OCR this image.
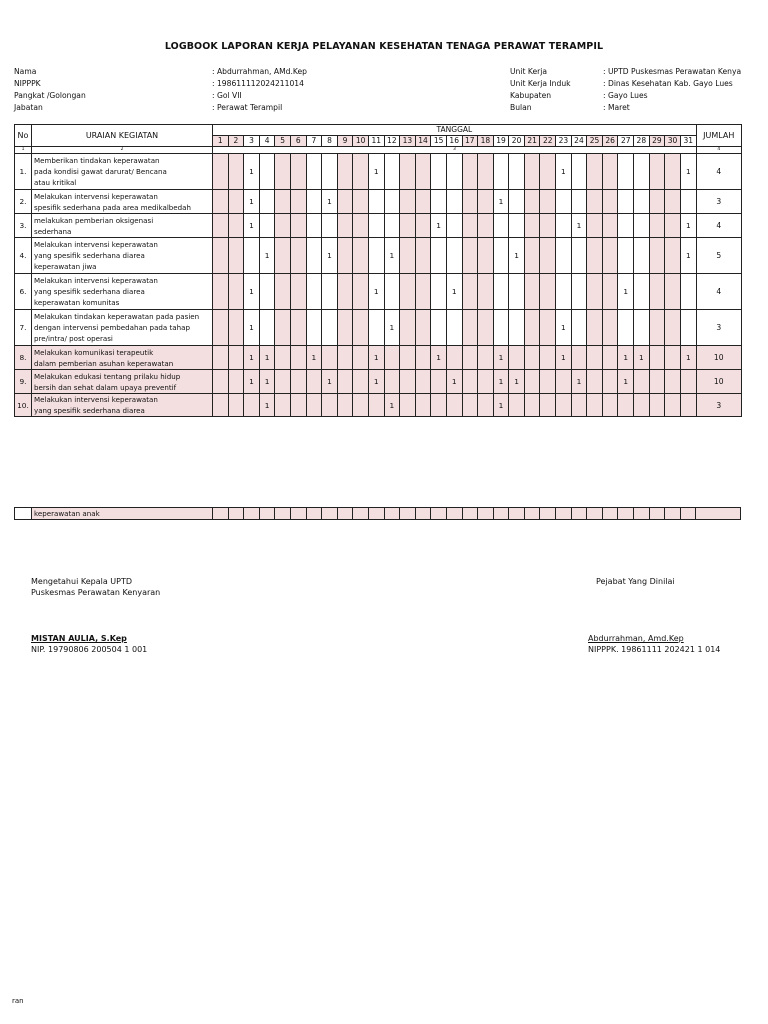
LOGBOOK LAPORAN KERJA PELAYANAN KESEHATAN TENAGA PERAWAT TERAMPIL
Nama
NIPPPK
Pangkat /Golongan
Jabatan
: Abdurrahman, AMd.Kep
: 198611112024211014
: Gol VII
: Perawat Terampil
Unit Kerja
Unit Kerja Induk
Kabupaten
Bulan
: UPTD Puskesmas Perawatan Kenya
: Dinas Kesehatan Kab. Gayo Lues
: Gayo Lues
: Maret
No	URAIAN KEGIATAN	TANGGAL																															JUMLAH
		1	2	3	4	5	6	7	8	9	10	11	12	13	14	15	16	17	18	19	20	21	22	23	24	25	26	27	28	29	30	31	
1	2	3																															4
1.	Memberikan tindakan keperawatan
pada kondisi gawat darurat/ Bencana
atau kritikal			1								1												1								1	4
2.	Melakukan intervensi keperawatan
spesifik sederhana pada area medikalbedah			1					1											1													3
3.	melakukan pemberian oksigenasi
sederhana			1												1									1							1	4
4.	Melakukan intervensi keperawatan
yang spesifik sederhana diarea
keperawatan jiwa				1				1				1								1											1	5
6.	Melakukan intervensi keperawatan
yang spesifik sederhana diarea
keperawatan komunitas			1								1					1											1					4
7.	Melakukan tindakan keperawatan pada pasien
dengan intervensi pembedahan pada tahap
pre/intra/ post operasi			1									1											1									3
8.	Melakukan komunikasi terapeutik
dalam pemberian asuhan keperawatan			1	1			1				1				1				1				1				1	1			1	10
9.	Melakukan edukasi tentang prilaku hidup
bersih dan sehat dalam upaya preventif			1	1				1			1					1			1	1				1			1					10
10.	Melakukan intervensi keperawatan
yang spesifik sederhana diarea				1								1							1													3
	keperawatan anak																																
Mengetahui Kepala UPTD
Puskesmas Perawatan Kenyaran
MISTAN AULIA, S.Kep
NIP. 19790806 200504 1 001
Pejabat Yang Dinilai
Abdurrahman, Amd.Kep
NIPPPK. 19861111 202421 1 014
ran
